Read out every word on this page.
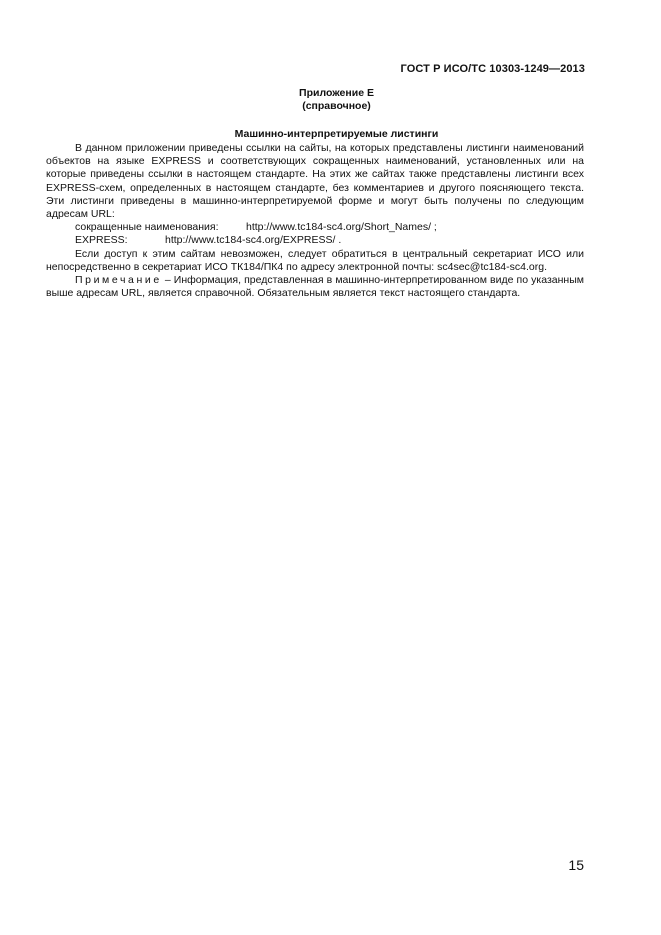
ГОСТ Р ИСО/ТС 10303-1249—2013
Приложение Е
(справочное)
Машинно-интерпретируемые листинги

В данном приложении приведены ссылки на сайты, на которых представлены листинги наименований объектов на языке EXPRESS и соответствующих сокращенных наименований, установленных или на которые приведены ссылки в настоящем стандарте. На этих же сайтах также представлены листинги всех EXPRESS-схем, определенных в настоящем стандарте, без комментариев и другого поясняющего текста. Эти листинги приведены в машинно-интерпретируемой форме и могут быть получены по следующим адресам URL:

сокращенные наименования:	http://www.tc184-sc4.org/Short_Names/ ;
EXPRESS:	http://www.tc184-sc4.org/EXPRESS/ .

Если доступ к этим сайтам невозможен, следует обратиться в центральный секретариат ИСО или непосредственно в секретариат ИСО ТК184/ПК4 по адресу электронной почты: sc4sec@tc184-sc4.org.

Примечание – Информация, представленная в машинно-интерпретированном виде по указанным выше адресам URL, является справочной. Обязательным является текст настоящего стандарта.

15
